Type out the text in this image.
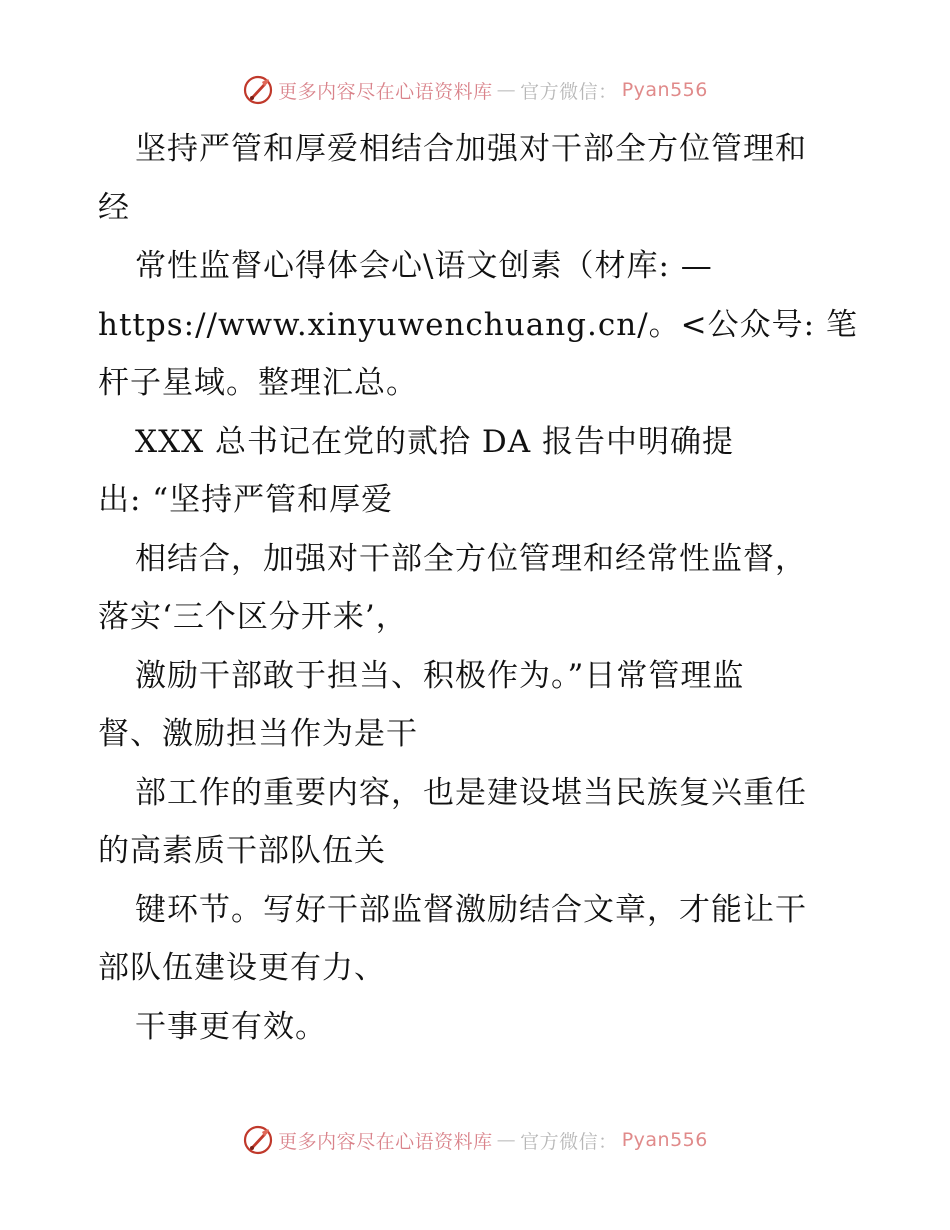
更多内容尽在心语资料库 — 官方微信： Pyan556
坚持严管和厚爱相结合加强对干部全方位管理和
经
常性监督心得体会心\语文创素（材库: —
https://www.xinyuwenchuang.cn/。<公众号: 笔
杆子星域。整理汇总。
XXX 总书记在党的贰拾 DA 报告中明确提
出: “坚持严管和厚爱
相结合，加强对干部全方位管理和经常性监督，
落实‘三个区分开来’，
激励干部敢于担当、积极作为。”日常管理监
督、激励担当作为是干
部工作的重要内容，也是建设堪当民族复兴重任
的高素质干部队伍关
键环节。写好干部监督激励结合文章，才能让干
部队伍建设更有力、
干事更有效。
更多内容尽在心语资料库 — 官方微信： Pyan556
